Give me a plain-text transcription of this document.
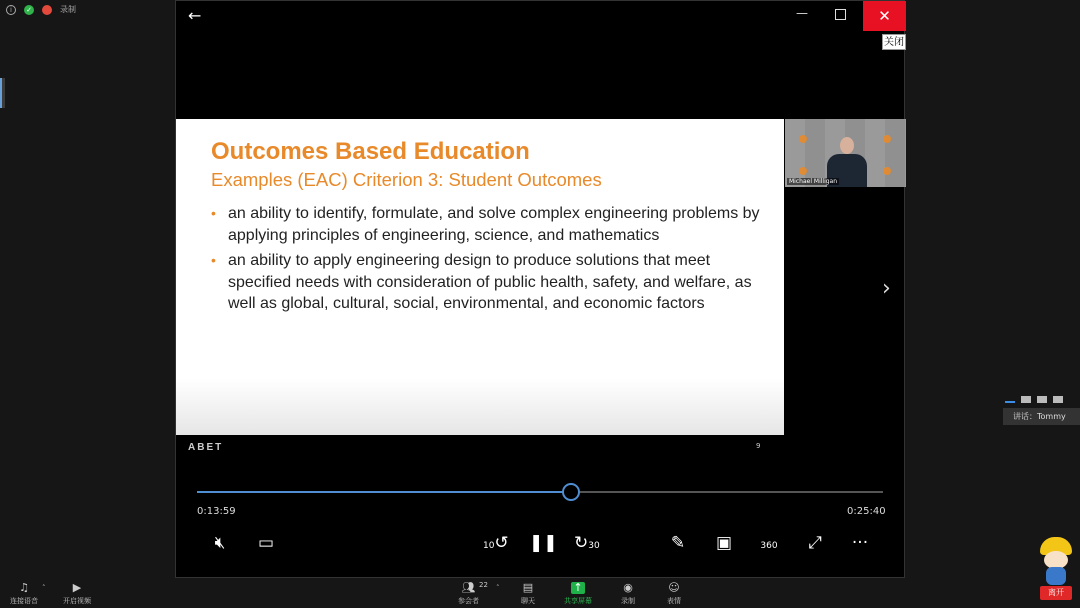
i	✓	录制	←	—	✕
关闭
Outcomes Based Education
Examples (EAC) Criterion 3: Student Outcomes
• an ability to identify, formulate, and solve complex engineering problems by applying principles of engineering, science, and mathematics
• an ability to apply engineering design to produce solutions that meet specified needs with consideration of public health, safety, and welfare, as well as global, cultural, social, environmental, and economic factors
Michael Milligan
›
ABET	9
0:13:59	0:25:40
🔇︎	▭	10↺ ❚❚ ↻30	✎ ▣	360	⤢	···
讲话：Tommy
离开
♫
连接语音
˄ ▶
开启视频
👥︎
参会者
22 ˄ ▤
聊天
↑
共享屏幕
◉
录制
☺
表情
